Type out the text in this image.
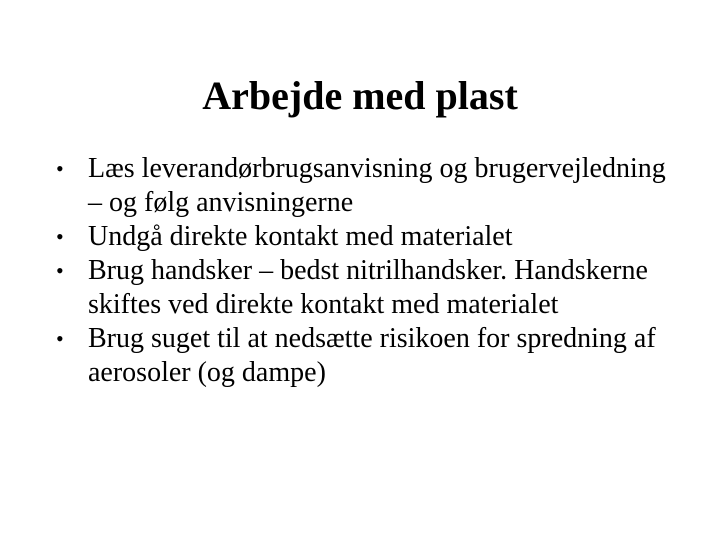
Arbejde med plast
• Læs leverandørbrugsanvisning og brugervejledning – og følg anvisningerne
• Undgå direkte kontakt med materialet
• Brug handsker – bedst nitrilhandsker. Handskerne skiftes ved direkte kontakt med materialet
• Brug suget til at nedsætte risikoen for spredning af aerosoler (og dampe)
